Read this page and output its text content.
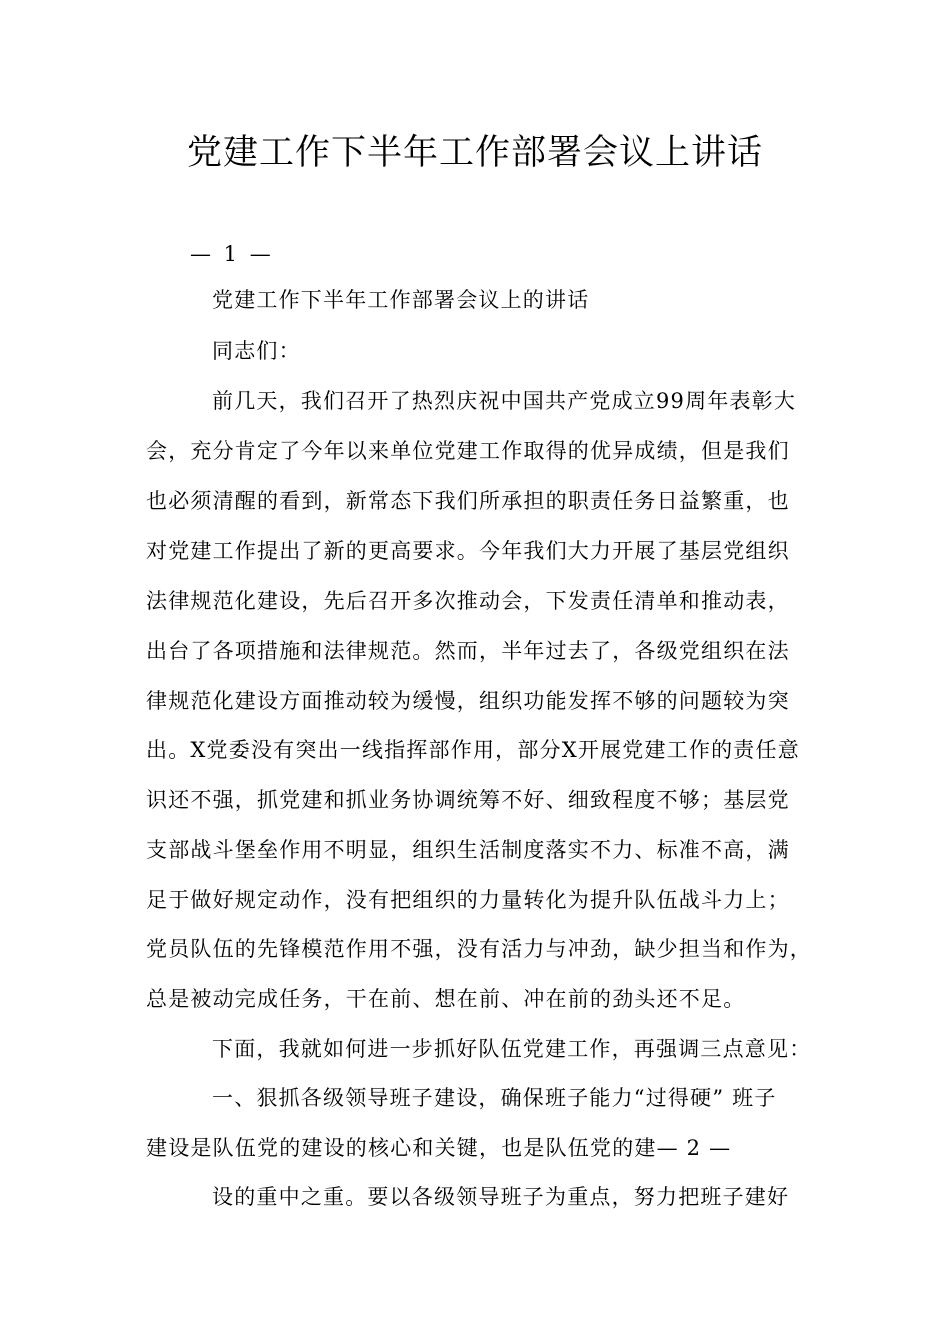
党建工作下半年工作部署会议上讲话
— 1 —
党建工作下半年工作部署会议上的讲话
同志们：
前几天，我们召开了热烈庆祝中国共产党成立99周年表彰大
会，充分肯定了今年以来单位党建工作取得的优异成绩，但是我们
也必须清醒的看到，新常态下我们所承担的职责任务日益繁重，也
对党建工作提出了新的更高要求。今年我们大力开展了基层党组织
法律规范化建设，先后召开多次推动会，下发责任清单和推动表，
出台了各项措施和法律规范。然而，半年过去了，各级党组织在法
律规范化建设方面推动较为缓慢，组织功能发挥不够的问题较为突
出。X党委没有突出一线指挥部作用，部分X开展党建工作的责任意
识还不强，抓党建和抓业务协调统筹不好、细致程度不够；基层党
支部战斗堡垒作用不明显，组织生活制度落实不力、标准不高，满
足于做好规定动作，没有把组织的力量转化为提升队伍战斗力上；
党员队伍的先锋模范作用不强，没有活力与冲劲，缺少担当和作为，
总是被动完成任务，干在前、想在前、冲在前的劲头还不足。
下面，我就如何进一步抓好队伍党建工作，再强调三点意见：
一、狠抓各级领导班子建设，确保班子能力“过得硬” 班子
建设是队伍党的建设的核心和关键，也是队伍党的建— 2 —
设的重中之重。要以各级领导班子为重点，努力把班子建好
